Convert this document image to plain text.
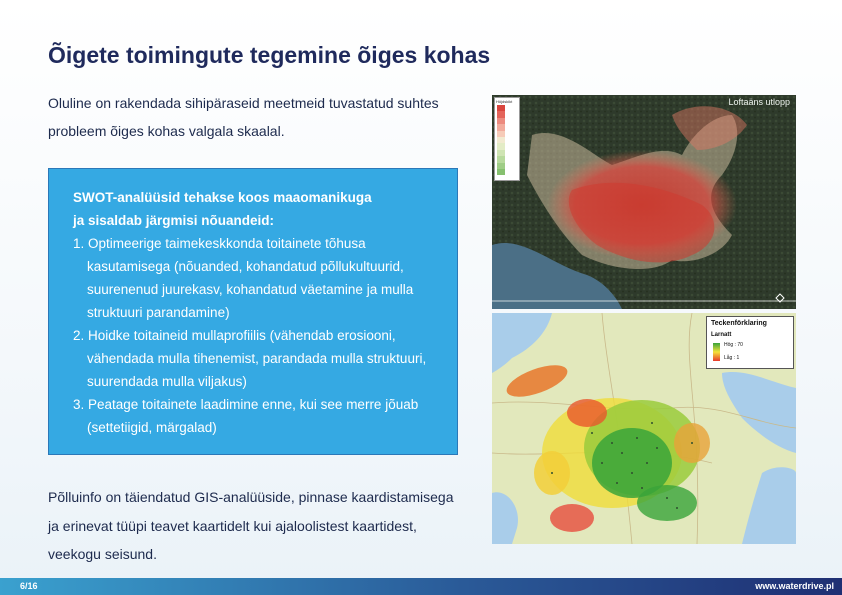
Õigete toimingute tegemine õiges kohas

Oluline on rakendada sihipäraseid meetmeid tuvastatud suhtes
probleem õiges kohas valgala skaalal.

SWOT-analüüsid tehakse koos maaomanikuga
ja sisaldab järgmisi nõuandeid:
1. Optimeerige taimekeskkonda toitainete tõhusa
kasutamisega (nõuanded, kohandatud põllukultuurid,
suurenenud juurekasv, kohandatud väetamine ja mulla
struktuuri parandamine)
2. Hoidke toitaineid mullaprofiilis (vähendab erosiooni,
vähendada mulla tihenemist, parandada mulla struktuuri,
suurendada mulla viljakus)
3. Peatage toitainete laadimine enne, kui see merre jõuab
(settetiigid, märgalad)

Põlluinfo on täiendatud GIS-analüüside, pinnase kaardistamisega
ja erinevat tüüpi teavet kaartidelt kui ajaloolistest kaartidest,
veekogu seisund.

Loftaäns utlopp
Höjdskikt
Teckenförklaring
Larnatt
Hög : 70
Låg : 1
6/16	www.waterdrive.pl
